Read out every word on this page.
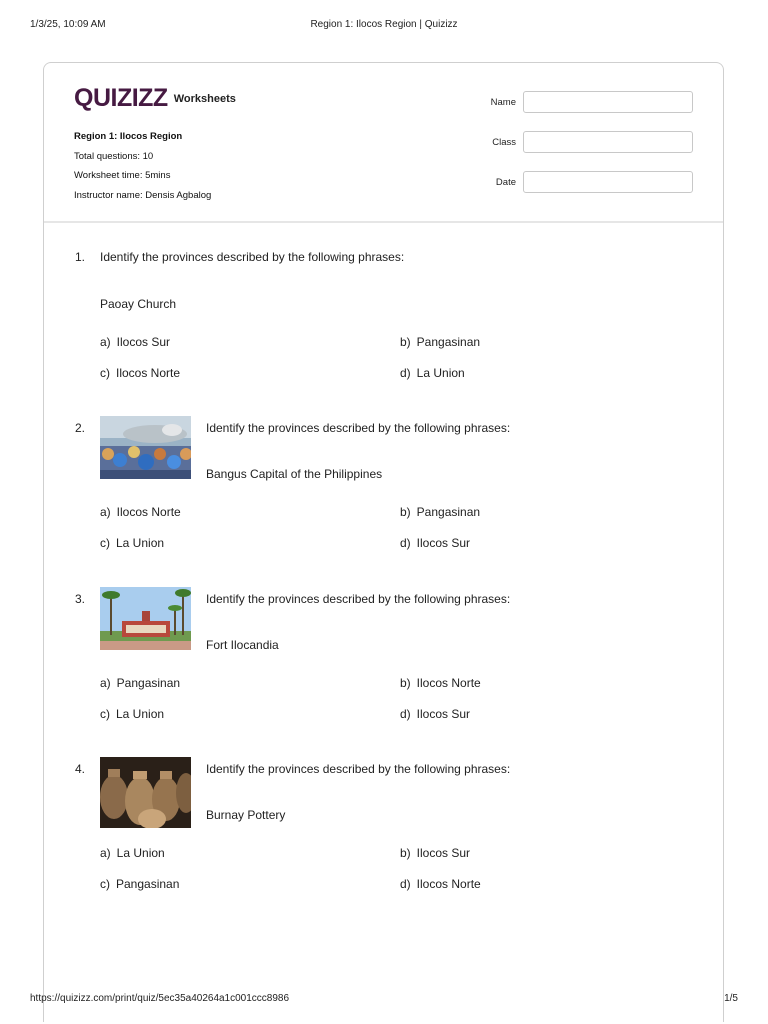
1/3/25, 10:09 AM	Region 1: Ilocos Region | Quizizz
QUIZIZZ Worksheets
Region 1: Ilocos Region
Total questions: 10
Worksheet time: 5mins
Instructor name: Densis Agbalog
Name
Class
Date
1. Identify the provinces described by the following phrases:
Paoay Church
a) Ilocos Sur	b) Pangasinan
c) Ilocos Norte	d) La Union
2.	Identify the provinces described by the following phrases:
Bangus Capital of the Philippines
a) Ilocos Norte	b) Pangasinan
c) La Union	d) Ilocos Sur
3.	Identify the provinces described by the following phrases:
Fort Ilocandia
a) Pangasinan	b) Ilocos Norte
c) La Union	d) Ilocos Sur
4.	Identify the provinces described by the following phrases:
Burnay Pottery
a) La Union	b) Ilocos Sur
c) Pangasinan	d) Ilocos Norte
https://quizizz.com/print/quiz/5ec35a40264a1c001ccc8986	1/5
